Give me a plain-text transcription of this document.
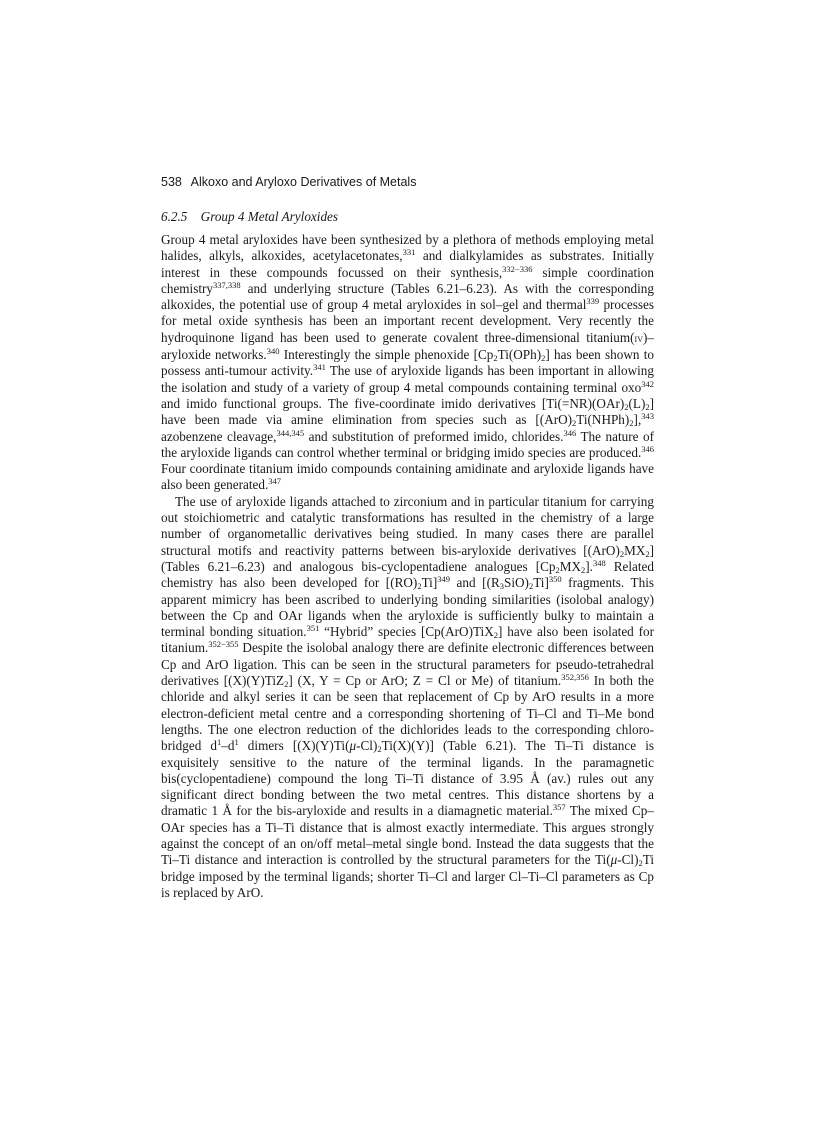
538 Alkoxo and Aryloxo Derivatives of Metals
6.2.5 Group 4 Metal Aryloxides

Group 4 metal aryloxides have been synthesized by a plethora of methods employing metal halides, alkyls, alkoxides, acetylacetonates,$^{331}$ and dialkylamides as substrates. Initially interest in these compounds focussed on their synthesis,$^{332-336}$ simple coordination chemistry$^{337,338}$ and underlying structure (Tables 6.21–6.23). As with the corresponding alkoxides, the potential use of group 4 metal aryloxides in sol–gel and thermal$^{339}$ processes for metal oxide synthesis has been an important recent development. Very recently the hydroquinone ligand has been used to generate covalent three-dimensional titanium(iv)–aryloxide networks.$^{340}$ Interestingly the simple phenoxide $[Cp_2Ti(OPh)_2]$ has been shown to possess anti-tumour activity.$^{341}$ The use of aryloxide ligands has been important in allowing the isolation and study of a variety of group 4 metal compounds containing terminal oxo$^{342}$ and imido functional groups. The five-coordinate imido derivatives $[Ti(=NR)(OAr)_2(L)_2]$ have been made via amine elimination from species such as $[(ArO)_2Ti(NHPh)_2],^{343}$ azobenzene cleavage,$^{344,345}$ and substitution of preformed imido, chlorides.$^{346}$ The nature of the aryloxide ligands can control whether terminal or bridging imido species are produced.$^{346}$ Four coordinate titanium imido compounds containing amidinate and aryloxide ligands have also been generated.$^{347}$

The use of aryloxide ligands attached to zirconium and in particular titanium for carrying out stoichiometric and catalytic transformations has resulted in the chemistry of a large number of organometallic derivatives being studied. In many cases there are parallel structural motifs and reactivity patterns between bis-aryloxide derivatives $[(ArO)_2MX_2]$ (Tables 6.21–6.23) and analogous bis-cyclopentadiene analogues $[Cp_2MX_2].^{348}$ Related chemistry has also been developed for $[(RO)_2Ti]^{349}$ and $[(R_3SiO)_2Ti]^{350}$ fragments. This apparent mimicry has been ascribed to underlying bonding similarities (isolobal analogy) between the Cp and OAr ligands when the aryloxide is sufficiently bulky to maintain a terminal bonding situation.$^{351}$ “Hybrid” species [Cp(ArO)TiX$_2$] have also been isolated for titanium.$^{352-355}$ Despite the isolobal analogy there are definite electronic differences between Cp and ArO ligation. This can be seen in the structural parameters for pseudo-tetrahedral derivatives [(X)(Y)TiZ$_2$] (X, Y = Cp or ArO; Z = Cl or Me) of titanium.$^{352,356}$ In both the chloride and alkyl series it can be seen that replacement of Cp by ArO results in a more electron-deficient metal centre and a corresponding shortening of Ti–Cl and Ti–Me bond lengths. The one electron reduction of the dichlorides leads to the corresponding chloro-bridged $d^1-d^1$ dimers $[(X)(Y)Ti(\mu-Cl)_2Ti(X)(Y)]$ (Table 6.21). The Ti–Ti distance is exquisitely sensitive to the nature of the terminal ligands. In the paramagnetic bis(cyclopentadiene) compound the long Ti–Ti distance of 3.95 Å (av.) rules out any significant direct bonding between the two metal centres. This distance shortens by a dramatic 1 Å for the bis-aryloxide and results in a diamagnetic material.$^{357}$ The mixed Cp–OAr species has a Ti–Ti distance that is almost exactly intermediate. This argues strongly against the concept of an on/off metal–metal single bond. Instead the data suggests that the Ti–Ti distance and interaction is controlled by the structural parameters for the $Ti(\mu-Cl)_2Ti$ bridge imposed by the terminal ligands; shorter Ti–Cl and larger Cl–Ti–Cl parameters as Cp is replaced by ArO.
